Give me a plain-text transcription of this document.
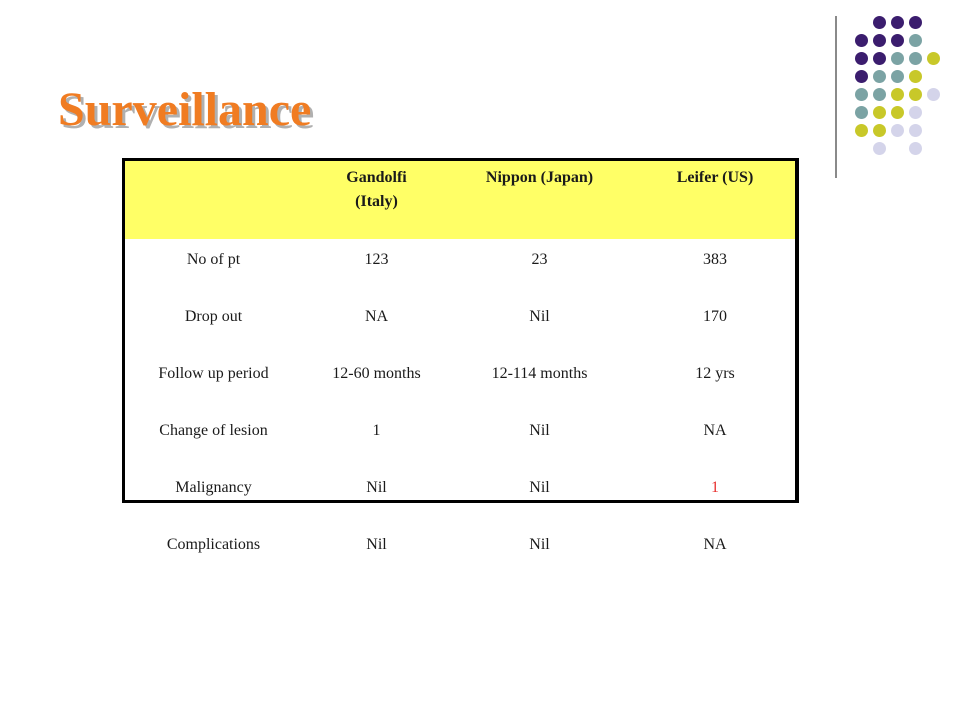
Surveillance
	Gandolfi (Italy)	Nippon (Japan)	Leifer (US)
No of pt	123	23	383
Drop out	NA	Nil	170
Follow up period	12-60 months	12-114 months	12 yrs
Change of lesion	1	Nil	NA
Malignancy	Nil	Nil	1
Complications	Nil	Nil	NA
